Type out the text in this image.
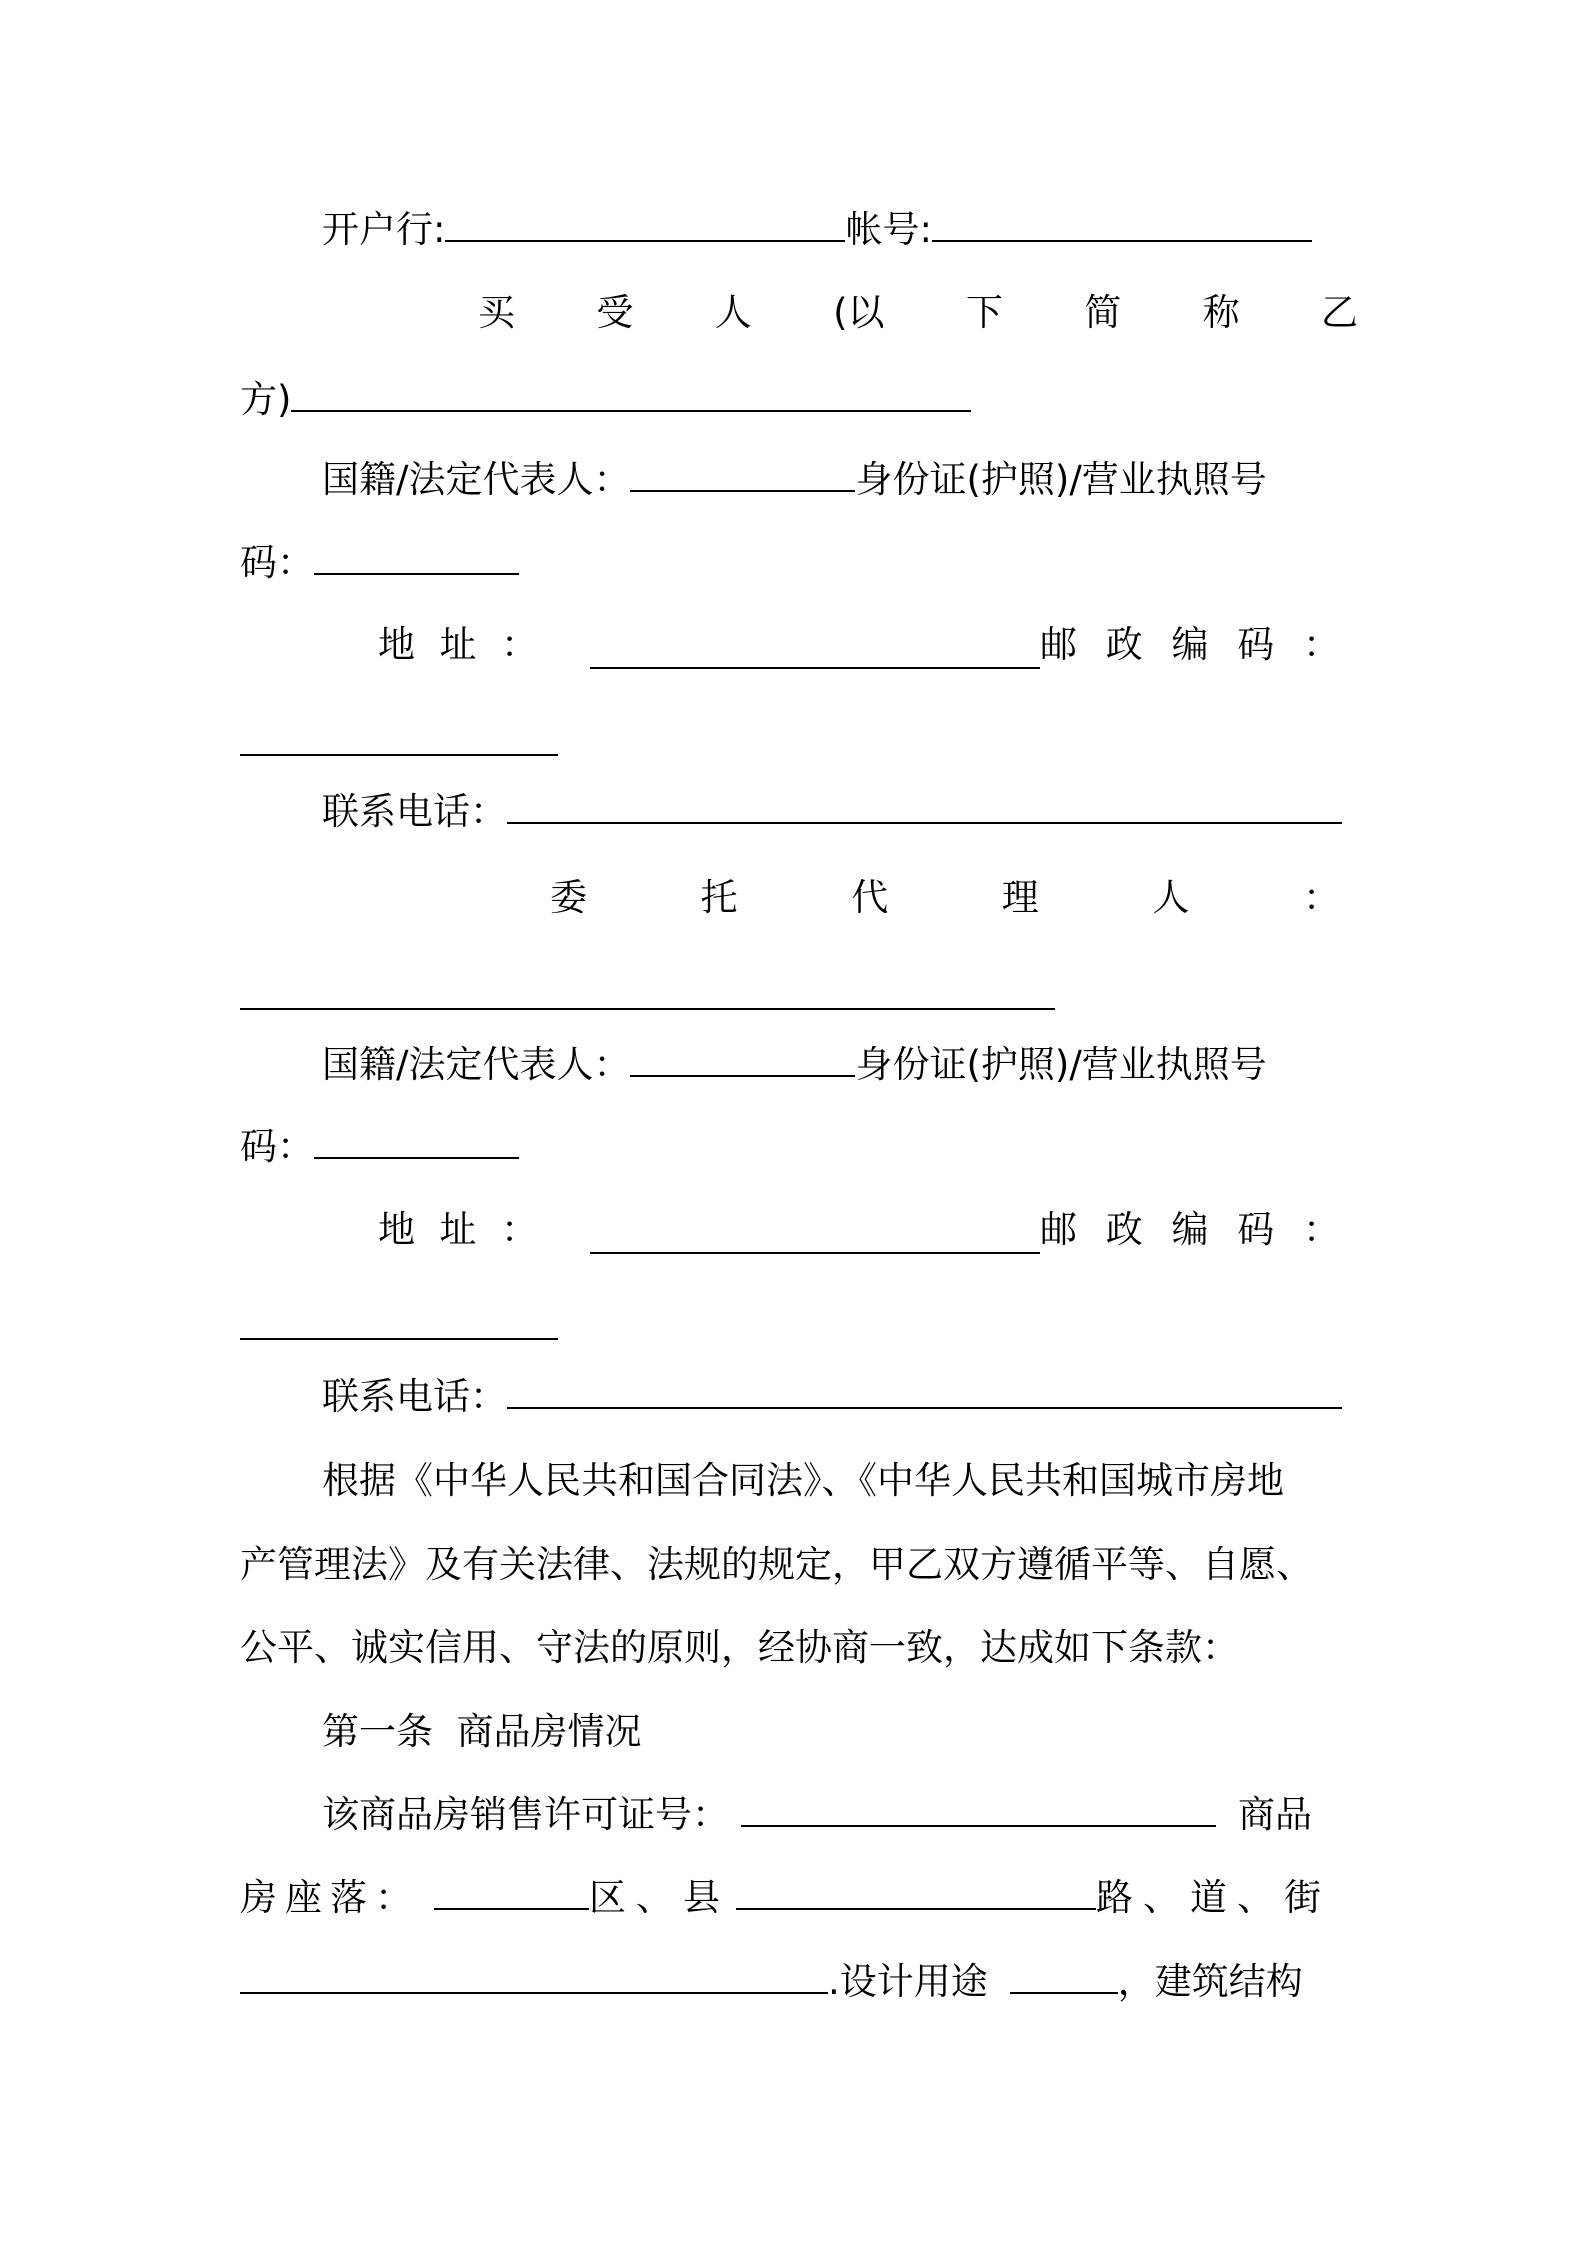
开户行:	帐号:

买 受 人 (以 下 简 称 乙

方)

国籍/法定代表人：	身份证(护照)/营业执照号

码：

地 址 ：	邮 政 编 码 ：

联系电话：

委	托	代	理	人	：

国籍/法定代表人：	身份证(护照)/营业执照号

码：

地 址 ：	邮 政 编 码 ：

联系电话：

根据《中华人民共和国合同法》、《中华人民共和国城市房地

产管理法》及有关法律、法规的规定，甲乙双方遵循平等、自愿、

公平、诚实信用、守法的原则，经协商一致，达成如下条款：

第一条  商品房情况

该商品房销售许可证号：	商品

房座落：	区、县	路、道、街

.设计用途	，建筑结构
